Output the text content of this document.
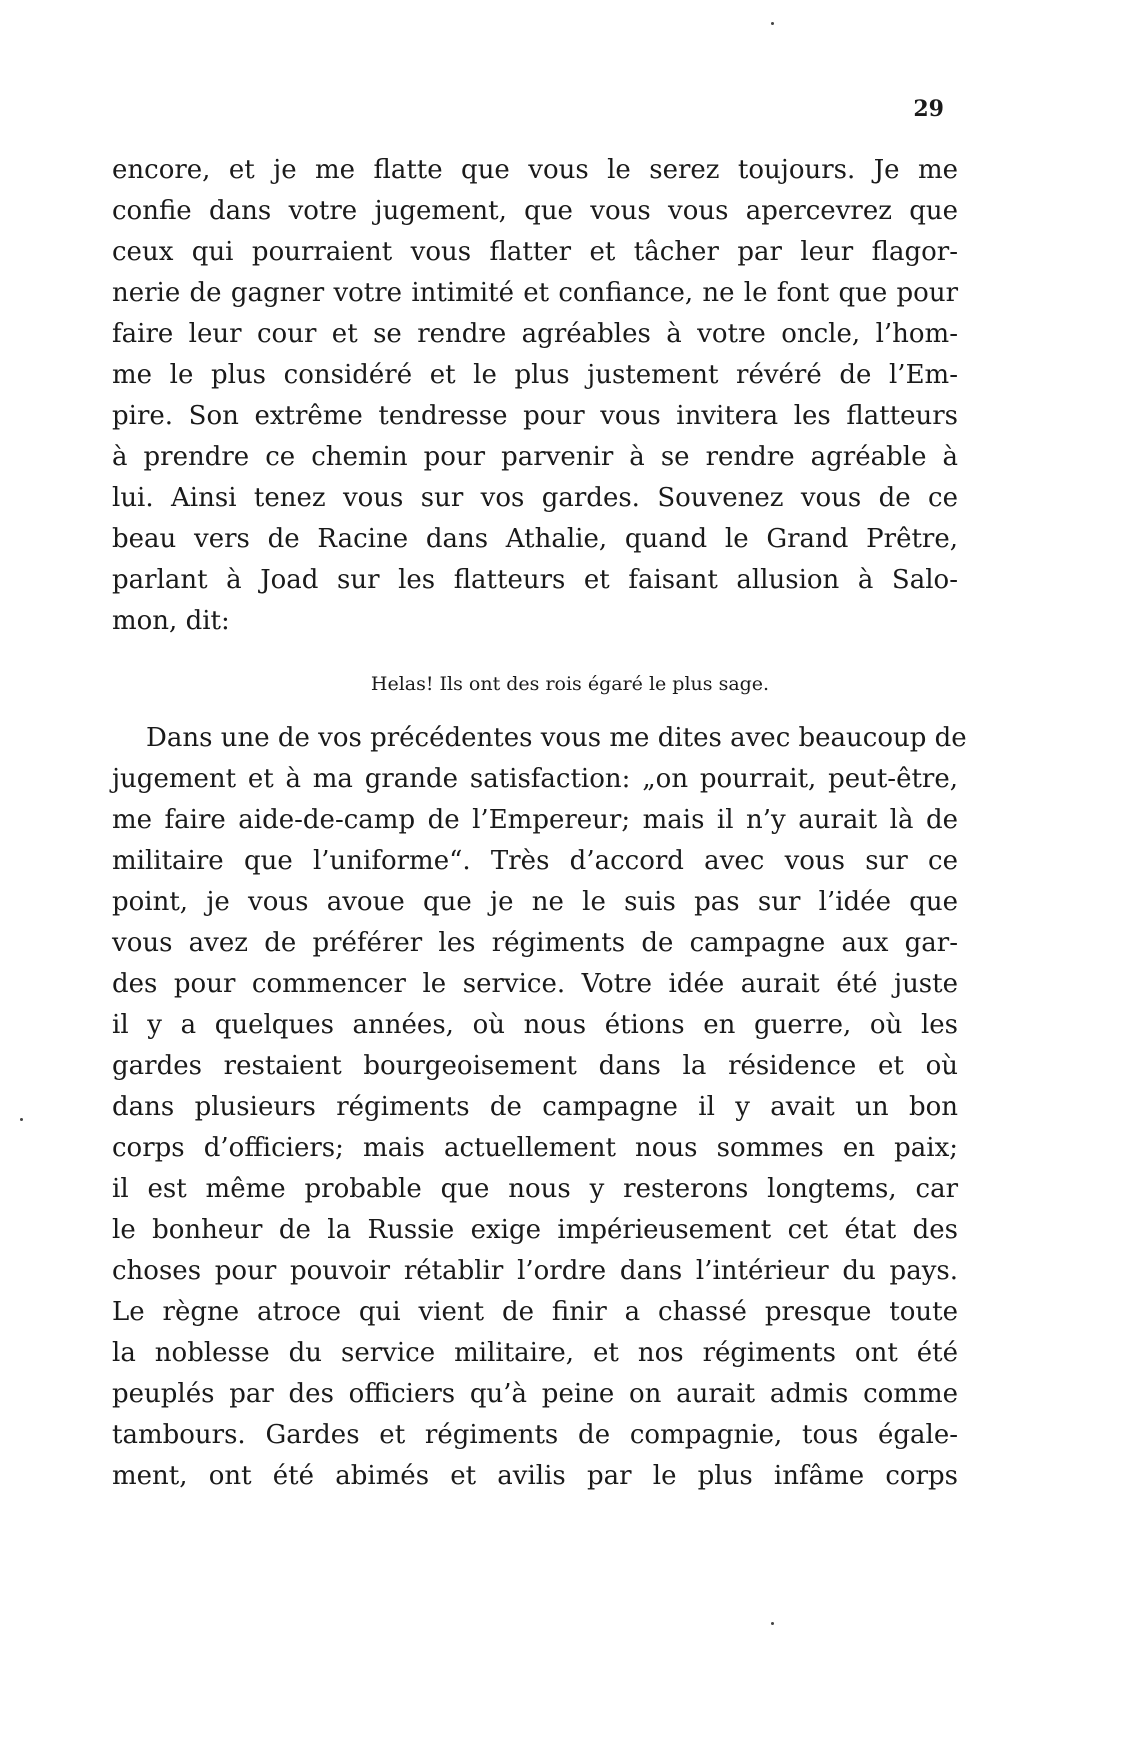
29
encore, et je me flatte que vous le serez toujours. Je me
confie dans votre jugement, que vous vous apercevrez que
ceux qui pourraient vous flatter et tâcher par leur flagor-
nerie de gagner votre intimité et confiance, ne le font que pour
faire leur cour et se rendre agréables à votre oncle, l’hom-
me le plus considéré et le plus justement révéré de l’Em-
pire. Son extrême tendresse pour vous invitera les flatteurs
à prendre ce chemin pour parvenir à se rendre agréable à
lui. Ainsi tenez vous sur vos gardes. Souvenez vous de ce
beau vers de Racine dans Athalie, quand le Grand Prêtre,
parlant à Joad sur les flatteurs et faisant allusion à Salo-
mon, dit:
Helas! Ils ont des rois égaré le plus sage.
Dans une de vos précédentes vous me dites avec beaucoup de
jugement et à ma grande satisfaction: „on pourrait, peut-être,
me faire aide-de-camp de l’Empereur; mais il n’y aurait là de
militaire que l’uniforme“. Très d’accord avec vous sur ce
point, je vous avoue que je ne le suis pas sur l’idée que
vous avez de préférer les régiments de campagne aux gar-
des pour commencer le service. Votre idée aurait été juste
il y a quelques années, où nous étions en guerre, où les
gardes restaient bourgeoisement dans la résidence et où
dans plusieurs régiments de campagne il y avait un bon
corps d’officiers; mais actuellement nous sommes en paix;
il est même probable que nous y resterons longtems, car
le bonheur de la Russie exige impérieusement cet état des
choses pour pouvoir rétablir l’ordre dans l’intérieur du pays.
Le règne atroce qui vient de finir a chassé presque toute
la noblesse du service militaire, et nos régiments ont été
peuplés par des officiers qu’à peine on aurait admis comme
tambours. Gardes et régiments de compagnie, tous égale-
ment, ont été abimés et avilis par le plus infâme corps
